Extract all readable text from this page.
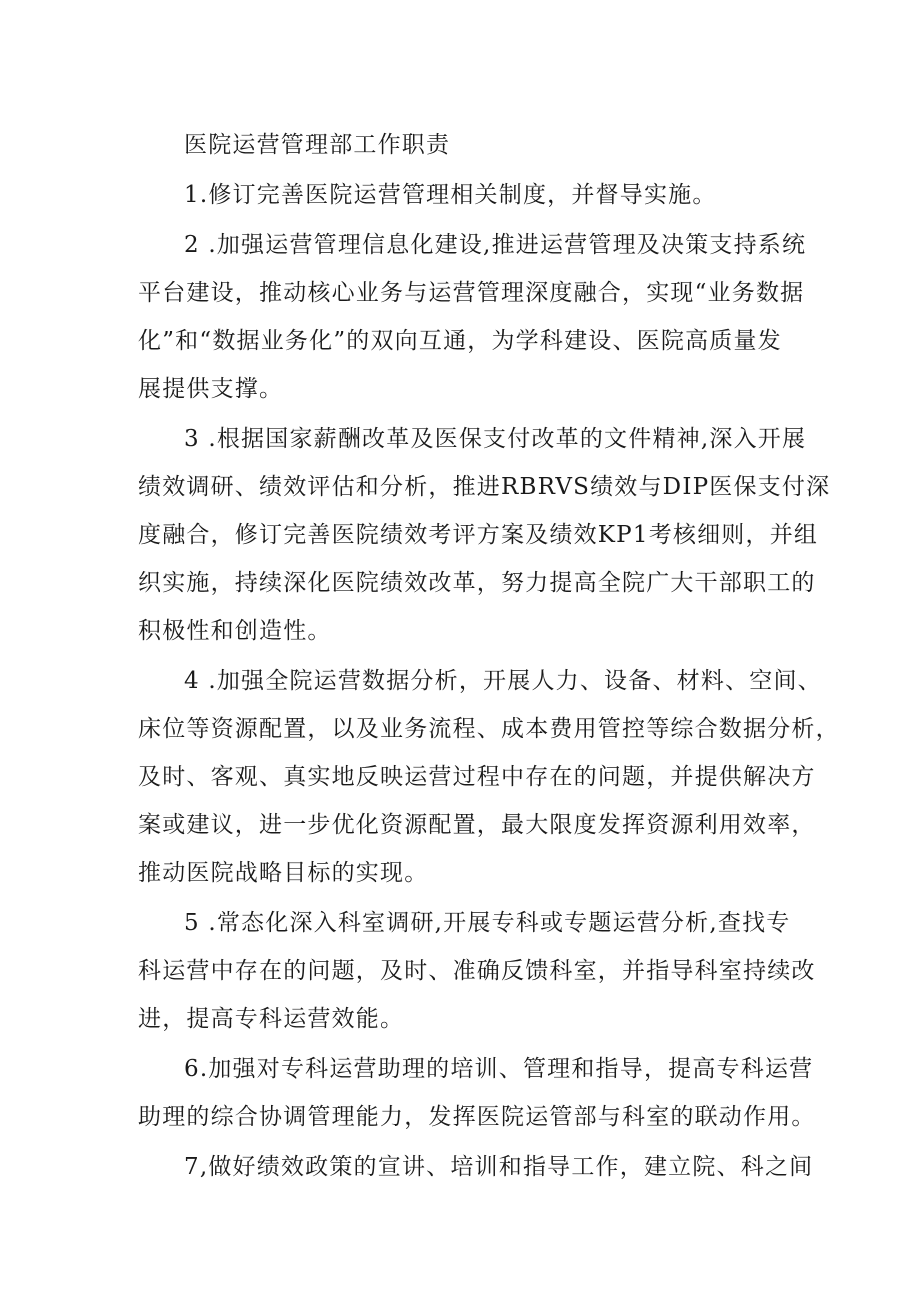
医院运营管理部工作职责
1.修订完善医院运营管理相关制度，并督导实施。
2 .加强运营管理信息化建设,推进运营管理及决策支持系统
平台建设，推动核心业务与运营管理深度融合，实现“业务数据
化”和“数据业务化”的双向互通，为学科建设、医院高质量发
展提供支撑。
3 .根据国家薪酬改革及医保支付改革的文件精神,深入开展
绩效调研、绩效评估和分析，推进RBRVS绩效与DIP医保支付深
度融合，修订完善医院绩效考评方案及绩效KP1考核细则，并组
织实施，持续深化医院绩效改革，努力提高全院广大干部职工的
积极性和创造性。
4 .加强全院运营数据分析，开展人力、设备、材料、空间、
床位等资源配置，以及业务流程、成本费用管控等综合数据分析，
及时、客观、真实地反映运营过程中存在的问题，并提供解决方
案或建议，进一步优化资源配置，最大限度发挥资源利用效率，
推动医院战略目标的实现。
5 .常态化深入科室调研,开展专科或专题运营分析,查找专
科运营中存在的问题，及时、准确反馈科室，并指导科室持续改
进，提高专科运营效能。
6.加强对专科运营助理的培训、管理和指导，提高专科运营
助理的综合协调管理能力，发挥医院运管部与科室的联动作用。
7,做好绩效政策的宣讲、培训和指导工作，建立院、科之间
